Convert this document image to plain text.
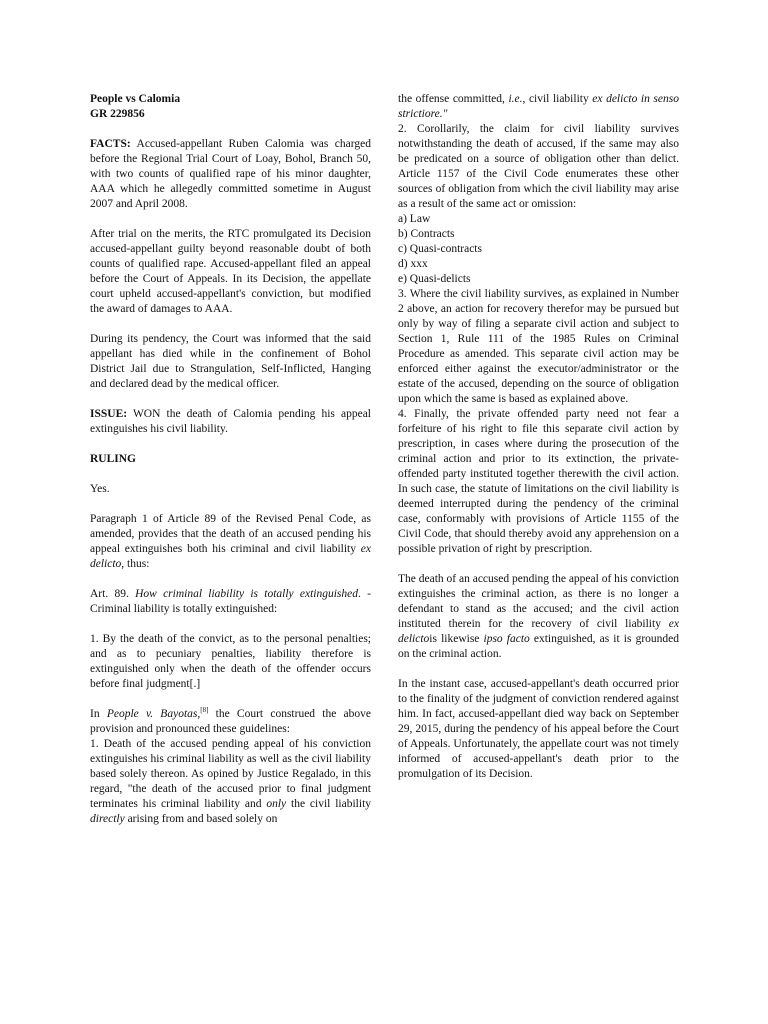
People vs Calomia

GR 229856

FACTS: Accused-appellant Ruben Calomia was charged before the Regional Trial Court of Loay, Bohol, Branch 50, with two counts of qualified rape of his minor daughter, AAA which he allegedly committed sometime in August 2007 and April 2008.

After trial on the merits, the RTC promulgated its Decision accused-appellant guilty beyond reasonable doubt of both counts of qualified rape. Accused-appellant filed an appeal before the Court of Appeals. In its Decision, the appellate court upheld accused-appellant's conviction, but modified the award of damages to AAA.

During its pendency, the Court was informed that the said appellant has died while in the confinement of Bohol District Jail due to Strangulation, Self-Inflicted, Hanging and declared dead by the medical officer.

ISSUE: WON the death of Calomia pending his appeal extinguishes his civil liability.

RULING

Yes.

Paragraph 1 of Article 89 of the Revised Penal Code, as amended, provides that the death of an accused pending his appeal extinguishes both his criminal and civil liability ex delicto, thus:

Art. 89. How criminal liability is totally extinguished. - Criminal liability is totally extinguished:

1. By the death of the convict, as to the personal penalties; and as to pecuniary penalties, liability therefore is extinguished only when the death of the offender occurs before final judgment[.]

In People v. Bayotas,[8] the Court construed the above provision and pronounced these guidelines:
1. Death of the accused pending appeal of his conviction extinguishes his criminal liability as well as the civil liability based solely thereon. As opined by Justice Regalado, in this regard, "the death of the accused prior to final judgment terminates his criminal liability and only the civil liability directly arising from and based solely on
the offense committed, i.e., civil liability ex delicto in senso strictiore."
2. Corollarily, the claim for civil liability survives notwithstanding the death of accused, if the same may also be predicated on a source of obligation other than delict. Article 1157 of the Civil Code enumerates these other sources of obligation from which the civil liability may arise as a result of the same act or omission:
a) Law
b) Contracts
c) Quasi-contracts
d) xxx
e) Quasi-delicts
3. Where the civil liability survives, as explained in Number 2 above, an action for recovery therefor may be pursued but only by way of filing a separate civil action and subject to Section 1, Rule 111 of the 1985 Rules on Criminal Procedure as amended. This separate civil action may be enforced either against the executor/administrator or the estate of the accused, depending on the source of obligation upon which the same is based as explained above.

4. Finally, the private offended party need not fear a forfeiture of his right to file this separate civil action by prescription, in cases where during the prosecution of the criminal action and prior to its extinction, the private-offended party instituted together therewith the civil action. In such case, the statute of limitations on the civil liability is deemed interrupted during the pendency of the criminal case, conformably with provisions of Article 1155 of the Civil Code, that should thereby avoid any apprehension on a possible privation of right by prescription.

The death of an accused pending the appeal of his conviction extinguishes the criminal action, as there is no longer a defendant to stand as the accused; and the civil action instituted therein for the recovery of civil liability ex delictois likewise ipso facto extinguished, as it is grounded on the criminal action.

In the instant case, accused-appellant's death occurred prior to the finality of the judgment of conviction rendered against him. In fact, accused-appellant died way back on September 29, 2015, during the pendency of his appeal before the Court of Appeals. Unfortunately, the appellate court was not timely informed of accused-appellant's death prior to the promulgation of its Decision.
